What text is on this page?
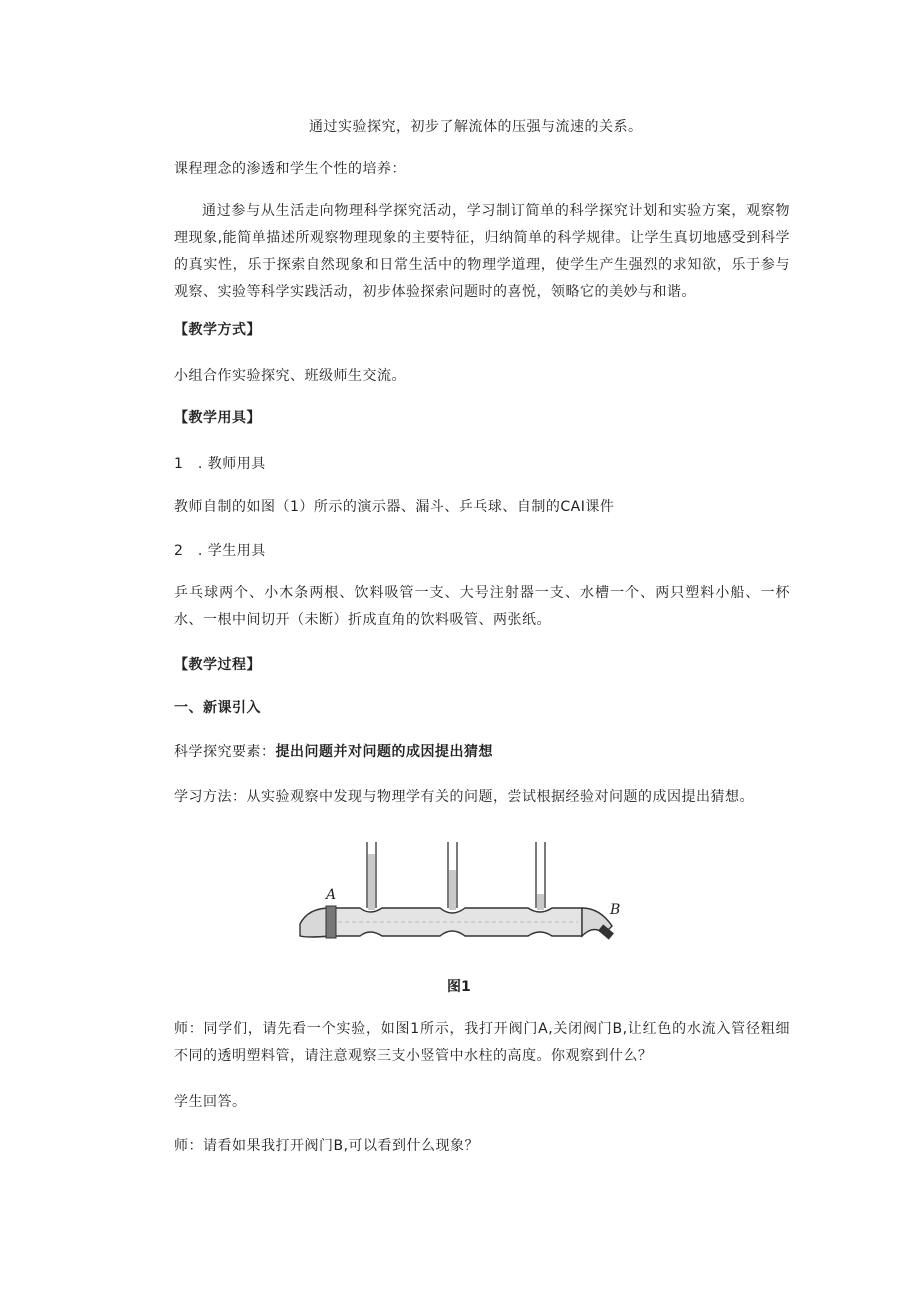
通过实验探究，初步了解流体的压强与流速的关系。
课程理念的渗透和学生个性的培养：
通过参与从生活走向物理科学探究活动，学习制订简单的科学探究计划和实验方案，观察物理现象,能简单描述所观察物理现象的主要特征，归纳简单的科学规律。让学生真切地感受到科学的真实性，乐于探索自然现象和日常生活中的物理学道理，使学生产生强烈的求知欲，乐于参与观察、实验等科学实践活动，初步体验探索问题时的喜悦，领略它的美妙与和谐。
【教学方式】
小组合作实验探究、班级师生交流。
【教学用具】
1　. 教师用具
教师自制的如图（1）所示的演示器、漏斗、乒乓球、自制的CAI课件
2　. 学生用具
乒乓球两个、小木条两根、饮料吸管一支、大号注射器一支、水槽一个、两只塑料小船、一杯水、一根中间切开（未断）折成直角的饮料吸管、两张纸。
【教学过程】
一、新课引入
科学探究要素：提出问题并对问题的成因提出猜想
学习方法：从实验观察中发现与物理学有关的问题，尝试根据经验对问题的成因提出猜想。
A
B
图1
师：同学们，请先看一个实验，如图1所示，我打开阀门A,关闭阀门B,让红色的水流入管径粗细不同的透明塑料管，请注意观察三支小竖管中水柱的高度。你观察到什么？
学生回答。
师：请看如果我打开阀门B,可以看到什么现象？
